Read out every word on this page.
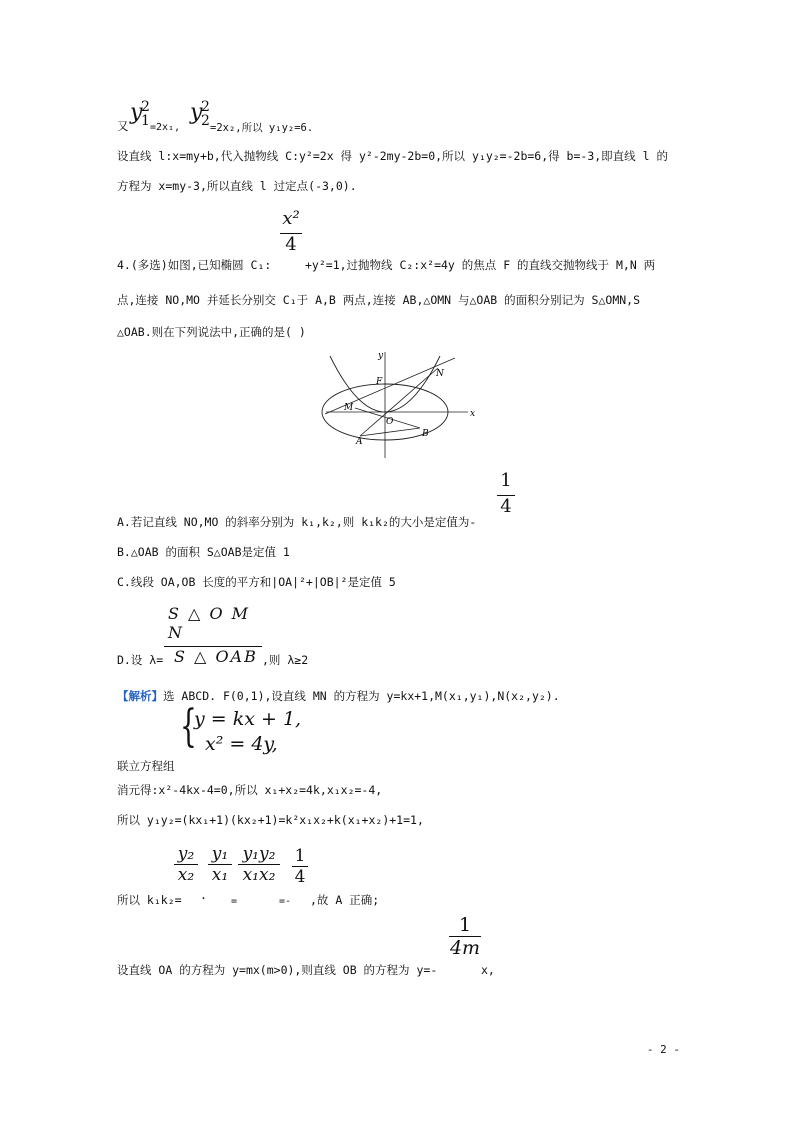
又
y
2
1 =2x₁,
y
2
2 =2x₂,所以 y₁y₂=6.
设直线 l:x=my+b,代入抛物线 C:y²=2x 得 y²-2my-2b=0,所以 y₁y₂=-2b=6,得 b=-3,即直线 l 的
方程为 x=my-3,所以直线 l 过定点(-3,0).
$\frac{\text{x²}}{4}$
4.(多选)如图,已知椭圆 C₁:	+y²=1,过抛物线 C₂:x²=4y 的焦点 F 的直线交抛物线于 M,N 两
点,连接 NO,MO 并延长分别交 C₁于 A,B 两点,连接 AB,△OMN 与△OAB 的面积分别记为 S△OMN,S
△OAB.则在下列说法中,正确的是( )
y
x
F
N
M
O
A
B
A.若记直线 NO,MO 的斜率分别为 k₁,k₂,则 k₁k₂的大小是定值为-
$\frac{1}{4}$
B.△OAB 的面积 S△OAB是定值 1
C.线段 OA,OB 长度的平方和|OA|²+|OB|²是定值 5
D.设 λ=
S △ O M N
S △ OAB ,则 λ≥2
【解析】选 ABCD. F(0,1),设直线 MN 的方程为 y=kx+1,M(x₁,y₁),N(x₂,y₂).
{
y = kx + 1,
x² = 4y,
联立方程组
消元得:x²-4kx-4=0,所以 x₁+x₂=4k,x₁x₂=-4,
所以 y₁y₂=(kx₁+1)(kx₂+1)=k²x₁x₂+k(x₁+x₂)+1=1,
所以 k₁k₂=
$\frac{\text{y₂}}{\text{x₂}}$
·
$\frac{\text{y₁}}{\text{x₁}}$
=
$\frac{\text{y₁y₂}}{\text{x₁x₂}}$
=-
$\frac{1}{4}$
,故 A 正确;
设直线 OA 的方程为 y=mx(m>0),则直线 OB 的方程为 y=-
$\frac{1}{4m}$
x,
- 2 -
